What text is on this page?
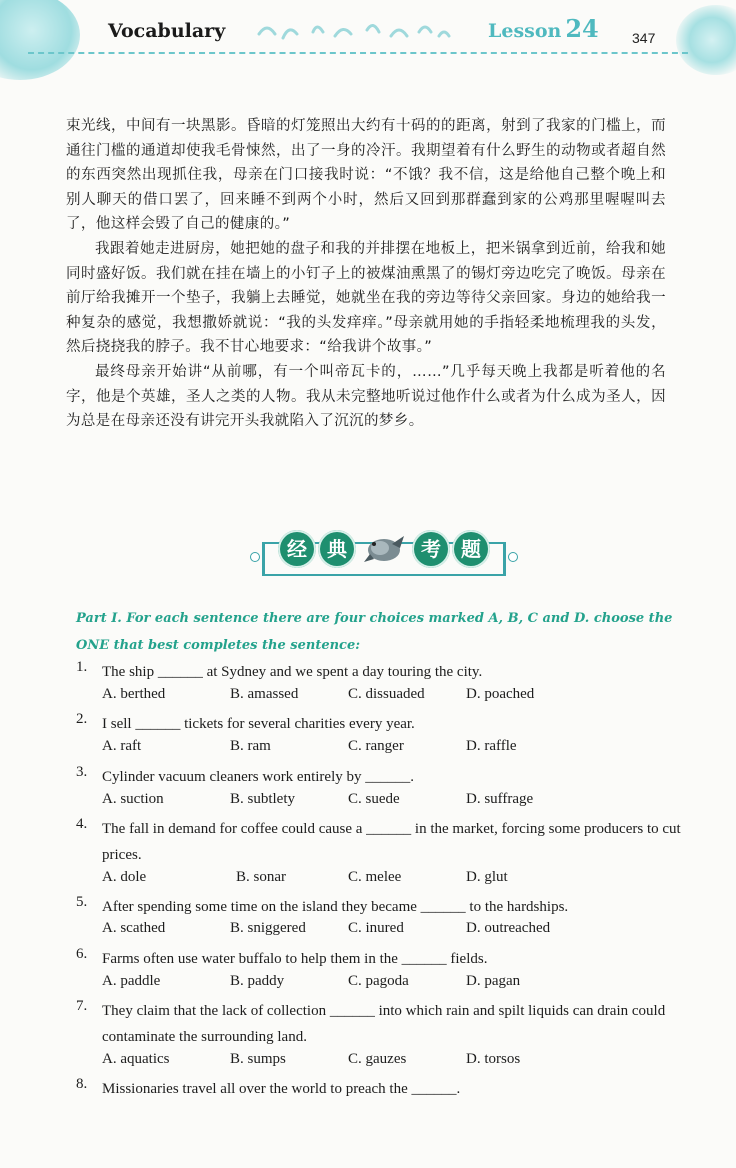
Vocabulary	Lesson 24 347

束光线，中间有一块黑影。昏暗的灯笼照出大约有十码的的距离，射到了我家的门槛上，而通往门槛的通道却使我毛骨悚然，出了一身的冷汗。我期望着有什么野生的动物或者超自然的东西突然出现抓住我，母亲在门口接我时说：“不饿？我不信，这是给他自己整个晚上和别人聊天的借口罢了，回来睡不到两个小时，然后又回到那群蠢到家的公鸡那里喔喔叫去了，他这样会毁了自己的健康的。”

我跟着她走进厨房，她把她的盘子和我的并排摆在地板上，把米锅拿到近前，给我和她同时盛好饭。我们就在挂在墙上的小钉子上的被煤油熏黑了的锡灯旁边吃完了晚饭。母亲在前厅给我摊开一个垫子，我躺上去睡觉，她就坐在我的旁边等待父亲回家。身边的她给我一种复杂的感觉，我想撒娇就说：“我的头发痒痒。”母亲就用她的手指轻柔地梳理我的头发，然后挠挠我的脖子。我不甘心地要求：“给我讲个故事。”

最终母亲开始讲“从前哪，有一个叫帝瓦卡的，……”几乎每天晚上我都是听着他的名字，他是个英雄，圣人之类的人物。我从未完整地听说过他作什么或者为什么成为圣人，因为总是在母亲还没有讲完开头我就陷入了沉沉的梦乡。

经	典	考	题
Part I. For each sentence there are four choices marked A, B, C and D. choose the ONE that best completes the sentence:
1. The ship ______ at Sydney and we spent a day touring the city.
A. berthed	B. amassed	C. dissuaded	D. poached
2. I sell ______ tickets for several charities every year.
A. raft	B. ram	C. ranger	D. raffle
3. Cylinder vacuum cleaners work entirely by ______.
A. suction	B. subtlety	C. suede	D. suffrage
4. The fall in demand for coffee could cause a ______ in the market, forcing some producers to cut prices.
A. dole	B. sonar	C. melee	D. glut
5. After spending some time on the island they became ______ to the hardships.
A. scathed	B. sniggered	C. inured	D. outreached
6. Farms often use water buffalo to help them in the ______ fields.
A. paddle	B. paddy	C. pagoda	D. pagan
7. They claim that the lack of collection ______ into which rain and spilt liquids can drain could contaminate the surrounding land.
A. aquatics	B. sumps	C. gauzes	D. torsos
8. Missionaries travel all over the world to preach the ______.
